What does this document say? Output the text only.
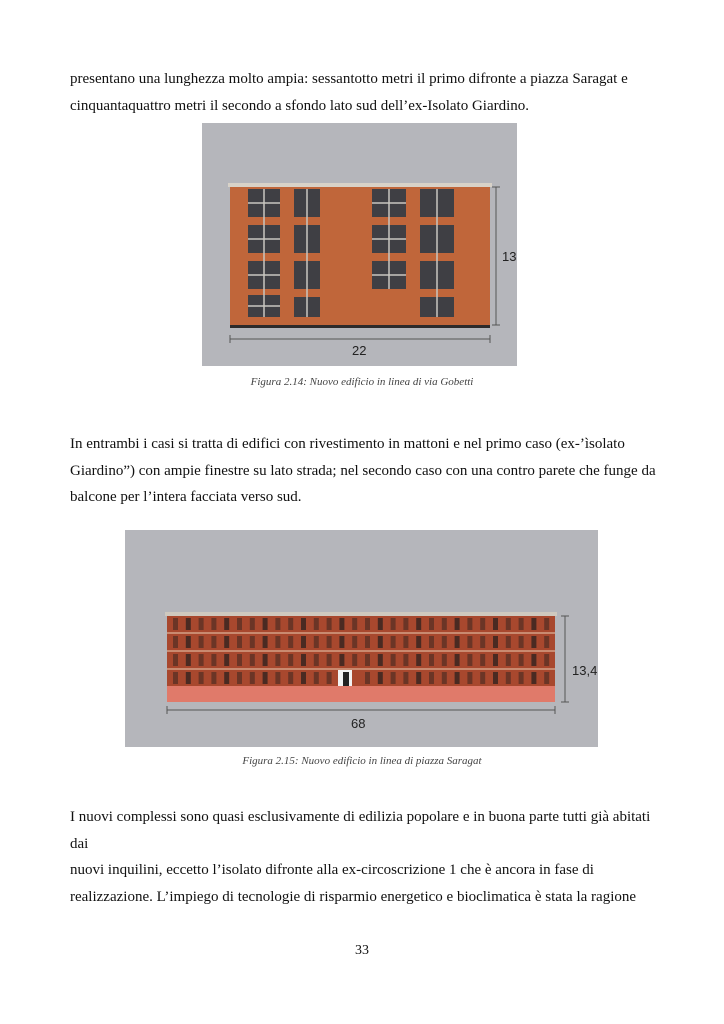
presentano una lunghezza molto ampia: sessantotto metri il primo difronte a piazza Saragat e
cinquantaquattro metri il secondo a sfondo lato sud dell’ex-Isolato Giardino.
13
22
Figura 2.14: Nuovo edificio in linea di via Gobetti
In entrambi i casi si tratta di edifici con rivestimento in mattoni e nel primo caso (ex-’ìsolato
Giardino”) con ampie finestre su lato strada; nel secondo caso con una contro parete che funge da
balcone per l’intera facciata verso sud.
13,4
68
Figura 2.15: Nuovo edificio in linea di piazza Saragat
I nuovi complessi sono quasi esclusivamente di edilizia popolare e in buona parte tutti già abitati dai
nuovi inquilini, eccetto l’isolato difronte alla ex-circoscrizione 1 che è ancora in fase di
realizzazione. L’impiego di tecnologie di risparmio energetico e bioclimatica è stata la ragione
33
